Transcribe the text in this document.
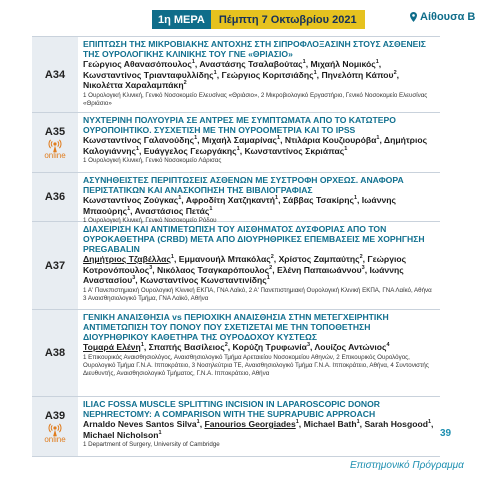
1η ΜΕΡΑ	Πέμπτη 7 Οκτωβρίου 2021	Αίθουσα Β
A34
ΕΠΙΠΤΩΣΗ ΤΗΣ ΜΙΚΡΟΒΙΑΚΗΣ ΑΝΤΟΧΗΣ ΣΤΗ ΣΙΠΡΟΦΛΟΞΑΣΙΝΗ ΣΤΟΥΣ ΑΣΘΕΝΕΙΣ ΤΗΣ ΟΥΡΟΛΟΓΙΚΗΣ ΚΛΙΝΙΚΗΣ ΤΟΥ ΓΝΕ «ΘΡΙΑΣΙΟ»
Γεώργιος Αθανασόπουλος$^1$, Αναστάσης Τσαλαβούτας$^1$, Μιχαήλ Νομικός$^1$, Κωνσταντίνος Τριανταφυλλίδης$^1$, Γεώργιος Κοριτσιάδης$^1$, Πηνελόπη Κάπου$^2$, Νικολέττα Χαραλαμπάκη$^2$
1 Ουρολογική Κλινική, Γενικό Νοσοκομείο Ελευσίνας «Θριάσιο», 2 Μικροβιολογικό Εργαστήριο, Γενικό Νοσοκομείο Ελευσίνας «Θριάσιο»
A35
online
ΝΥΧΤΕΡΙΝΗ ΠΟΛΥΟΥΡΙΑ ΣΕ ΑΝΤΡΕΣ ΜΕ ΣΥΜΠΤΩΜΑΤΑ ΑΠΟ ΤΟ ΚΑΤΩΤΕΡΟ ΟΥΡΟΠΟΙΗΤΙΚΟ. ΣΥΣΧΕΤΙΣΗ ΜΕ ΤΗΝ ΟΥΡΟΟΜΕΤΡΙΑ ΚΑΙ ΤΟ IPSS
Κωνσταντίνος Γαλανούδης$^1$, Μιχαήλ Σαμαρίνας$^1$, Ντιλάρια Κουζιουρόβα$^1$, Δημήτριος Καλογιάννης$^1$, Ευάγγελος Γεωργάκης$^1$, Κωνσταντίνος Σκριάπας$^1$
1 Ουρολογική Κλινική, Γενικό Νοσοκομείο Λάρισας
A36
ΑΣΥΝΗΘΕΙΣΤΕΣ ΠΕΡΙΠΤΩΣΕΙΣ ΑΣΘΕΝΩΝ ΜΕ ΣΥΣΤΡΟΦΗ ΟΡΧΕΩΣ. ΑΝΑΦΟΡΑ ΠΕΡΙΣΤΑΤΙΚΩΝ ΚΑΙ ΑΝΑΣΚΟΠΗΣΗ ΤΗΣ ΒΙΒΛΙΟΓΡΑΦΙΑΣ
Κωνσταντίνος Ζούγκας$^1$, Αφροδίτη Χατζηκαντή$^1$, Σάββας Τσακίρης$^1$, Ιωάννης Μπαούρης$^1$, Αναστάσιος Πετάς$^1$
1 Ουρολογική Κλινική, Γενικό Νοσοκομείο Ρόδου
A37
ΔΙΑΧΕΙΡΙΣΗ ΚΑΙ ΑΝΤΙΜΕΤΩΠΙΣΗ ΤΟΥ ΑΙΣΘΗΜΑΤΟΣ ΔΥΣΦΟΡΙΑΣ ΑΠΟ ΤΟΝ ΟΥΡΟΚΑΘΕΤΗΡΑ (CRBD) ΜΕΤΑ ΑΠΟ ΔΙΟΥΡΗΘΡΙΚΕΣ ΕΠΕΜΒΑΣΕΙΣ ΜΕ ΧΟΡΗΓΗΣΗ PREGABALIN
Δημήτριος Τζαβέλλας$^1$, Εμμανουήλ Μπακόλας$^2$, Χρίστος Ζαμπαύτης$^2$, Γεώργιος Κοτρονόπουλος$^3$, Νικόλαος Τσαγκαρόπουλος$^2$, Ελένη Παπαιωάννου$^3$, Ιωάννης Αναστασίου$^3$, Κωνσταντίνος Κωνσταντινίδης$^1$
1 Α' Πανεπιστημιακή Ουρολογική Κλινική ΕΚΠΑ, ΓΝΑ Λαϊκό, 2 Α' Πανεπιστημιακή Ουρολογική Κλινική ΕΚΠΑ, ΓΝΑ Λαϊκό, Αθήνα 3 Αναισθησιολογικό Τμήμα, ΓΝΑ Λαϊκό, Αθήνα
A38
ΓΕΝΙΚΗ ΑΝΑΙΣΘΗΣΙΑ vs ΠΕΡΙΟΧΙΚΗ ΑΝΑΙΣΘΗΣΙΑ ΣΤΗΝ ΜΕΤΕΓΧΕΙΡΗΤΙΚΗ ΑΝΤΙΜΕΤΩΠΙΣΗ ΤΟΥ ΠΟΝΟΥ ΠΟΥ ΣΧΕΤΙΖΕΤΑΙ ΜΕ ΤΗΝ ΤΟΠΟΘΕΤΗΣΗ ΔΙΟΥΡΗΘΡΙΚΟΥ ΚΑΘΕΤΗΡΑ ΤΗΣ ΟΥΡΟΔΟΧΟΥ ΚΥΣΤΕΩΣ
Τομαρά Ελένη$^1$, Σπαπής Βασίλειος$^2$, Κορύζη Τρυφωνία$^3$, Λουίζος Αντώνιος$^4$
1 Επικουρικός Αναισθησιολόγος, Αναισθησιολογικό Τμήμα Αρεταιείου Νοσοκομείου Αθηνών, 2 Επικουρικός Ουρολόγος, Ουρολογικό Τμήμα Γ.Ν.Α. Ιπποκράτειο, 3 Νοσηλεύτρια ΤΕ, Αναισθησιολογικό Τμήμα Γ.Ν.Α. Ιπποκράτειο, Αθήνα, 4 Συντονιστής Διευθυντής, Αναισθησιολογικό Τμήματος, Γ.Ν.Α. Ιπποκράτειο, Αθήνα
A39
online
ILIAC FOSSA MUSCLE SPLITTING INCISION IN LAPAROSCOPIC DONOR NEPHRECTOMY: A COMPARISON WITH THE SUPRAPUBIC APPROACH
Arnaldo Neves Santos Silva$^1$, Fanourios Georgiades$^1$, Michael Bath$^1$, Sarah Hosgood$^1$, Michael Nicholson$^1$
1 Department of Surgery, University of Cambridge
39
Επιστημονικό Πρόγραμμα
